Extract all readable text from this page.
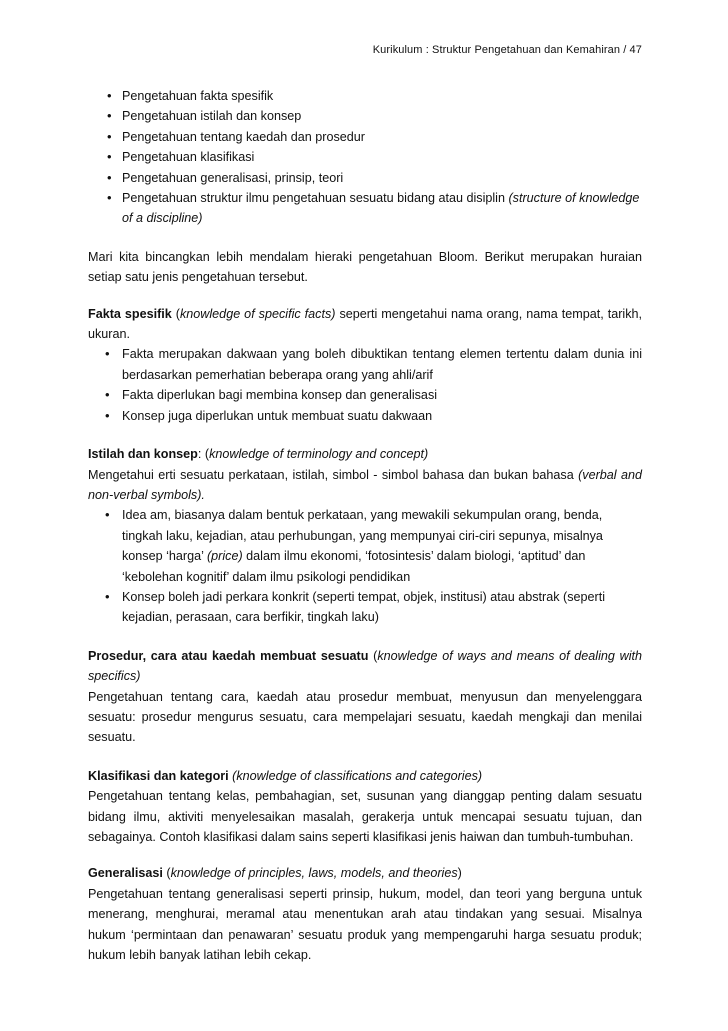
Kurikulum : Struktur Pengetahuan dan Kemahiran / 47
• Pengetahuan fakta spesifik
• Pengetahuan istilah dan konsep
• Pengetahuan tentang kaedah dan prosedur
• Pengetahuan klasifikasi
• Pengetahuan generalisasi, prinsip, teori
• Pengetahuan struktur ilmu pengetahuan sesuatu bidang atau disiplin (structure of knowledge of a discipline)

Mari kita bincangkan lebih mendalam hieraki pengetahuan Bloom. Berikut merupakan huraian setiap satu jenis pengetahuan tersebut.

Fakta spesifik (knowledge of specific facts) seperti mengetahui nama orang, nama tempat, tarikh, ukuran.

• Fakta merupakan dakwaan yang boleh dibuktikan tentang elemen tertentu dalam dunia ini berdasarkan pemerhatian beberapa orang yang ahli/arif

• Fakta diperlukan bagi membina konsep dan generalisasi
• Konsep juga diperlukan untuk membuat suatu dakwaan

Istilah dan konsep: (knowledge of terminology and concept)

Mengetahui erti sesuatu perkataan, istilah, simbol - simbol bahasa dan bukan bahasa (verbal and non-verbal symbols).

• Idea am, biasanya dalam bentuk perkataan, yang mewakili sekumpulan orang, benda, tingkah laku, kejadian, atau perhubungan, yang mempunyai ciri-ciri sepunya, misalnya konsep ‘harga’ (price) dalam ilmu ekonomi, ‘fotosintesis’ dalam biologi, ‘aptitud’ dan ‘kebolehan kognitif’ dalam ilmu psikologi pendidikan
• Konsep boleh jadi perkara konkrit (seperti tempat, objek, institusi) atau abstrak (seperti kejadian, perasaan, cara berfikir, tingkah laku)

Prosedur, cara atau kaedah membuat sesuatu (knowledge of ways and means of dealing with specifics)

Pengetahuan tentang cara, kaedah atau prosedur membuat, menyusun dan menyelenggara sesuatu: prosedur mengurus sesuatu, cara mempelajari sesuatu, kaedah mengkaji dan menilai sesuatu.

Klasifikasi dan kategori (knowledge of classifications and categories)

Pengetahuan tentang kelas, pembahagian, set, susunan yang dianggap penting dalam sesuatu bidang ilmu, aktiviti menyelesaikan masalah, gerakerja untuk mencapai sesuatu tujuan, dan sebagainya. Contoh klasifikasi dalam sains seperti klasifikasi jenis haiwan dan tumbuh-tumbuhan.

Generalisasi (knowledge of principles, laws, models, and theories)

Pengetahuan tentang generalisasi seperti prinsip, hukum, model, dan teori yang berguna untuk menerang, menghurai, meramal atau menentukan arah atau tindakan yang sesuai. Misalnya hukum ‘permintaan dan penawaran’ sesuatu produk yang mempengaruhi harga sesuatu produk; hukum lebih banyak latihan lebih cekap.
